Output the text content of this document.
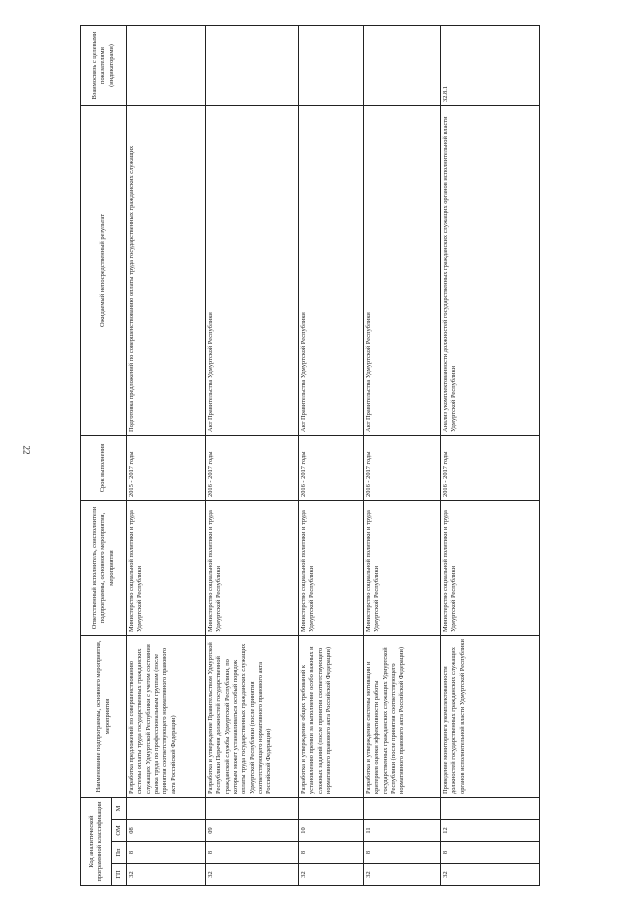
22
Код аналитической программной классификации				Наименование подпрограммы, основного мероприятия, мероприятия	Ответственный исполнитель, соисполнители подпрограммы, основного мероприятия, мероприятия	Срок выполнения	Ожидаемый непосредственный результат	Взаимосвязь с целевыми показателями (индикаторами)
ГП	Пп	ОМ	М					
32	8	08		Разработка предложений по совершенствованию системы оплаты труда государственных гражданских служащих Удмуртской Республики с учетом состояния рынка труда по профессиональным группам (после принятия соответствующего нормативного правового акта Российской Федерации)	Министерство социальной политики и труда Удмуртской Республики	2015 - 2017 годы	Подготовка предложений по совершенствованию оплаты труда государственных гражданских служащих	
32	8	09		Разработка и утверждение Правительством Удмуртской Республики Перечня должностей государственной гражданской службы Удмуртской Республики, по которым может устанавливаться особый порядок оплаты труда государственных гражданских служащих Удмуртской Республики (после принятия соответствующего нормативного правового акта Российской Федерации)	Министерство социальной политики и труда Удмуртской Республики	2016 - 2017 годы	Акт Правительства Удмуртской Республики	
32	8	10		Разработка и утверждение общих требований к установлению премии за выполнение особо важных и сложных заданий (после принятия соответствующего нормативного правового акта Российской Федерации)	Министерство социальной политики и труда Удмуртской Республики	2016 - 2017 годы	Акт Правительства Удмуртской Республики	
32	8	11		Разработка и утверждение системы мотивации и критериев оценки эффективности работы государственных гражданских служащих Удмуртской Республики (после принятия соответствующего нормативного правового акта Российской Федерации)	Министерство социальной политики и труда Удмуртской Республики	2016 - 2017 годы	Акт Правительства Удмуртской Республики	
32	8	12		Проведение мониторинга укомплектованности должностей государственных гражданских служащих органов исполнительной власти Удмуртской Республики	Министерство социальной политики и труда Удмуртской Республики	2016 - 2017 годы	Анализ укомплектованности должностей государственных гражданских служащих органов исполнительной власти Удмуртской Республики	32.8.1
